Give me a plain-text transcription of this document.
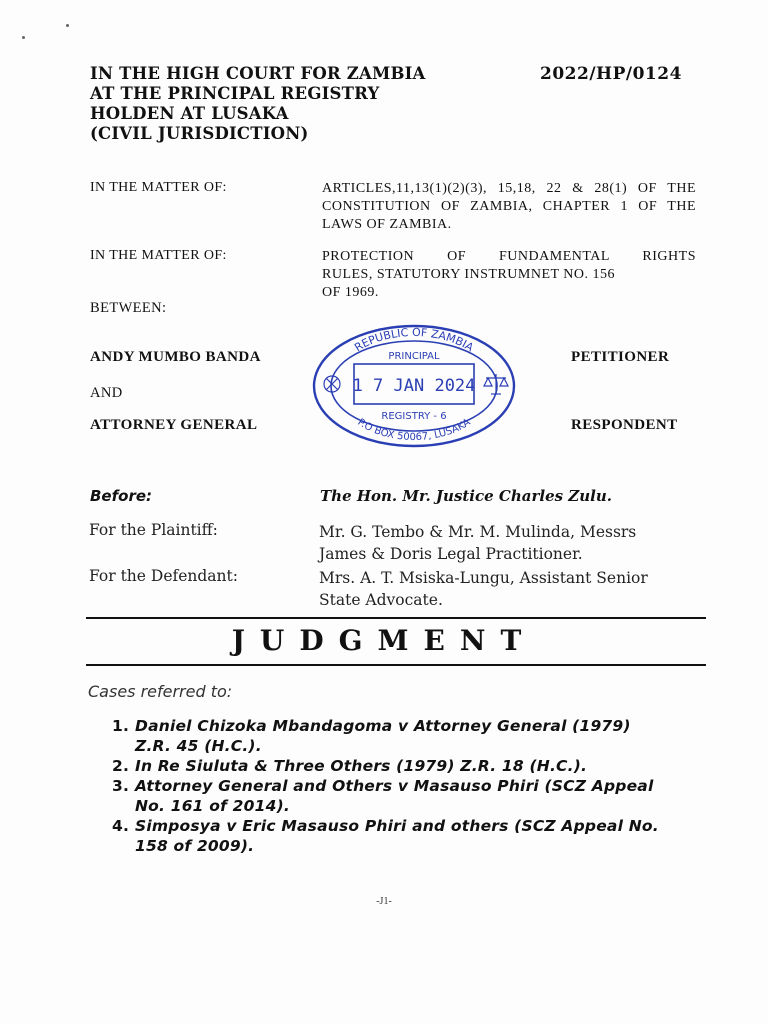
IN THE HIGH COURT FOR ZAMBIA
AT THE PRINCIPAL REGISTRY
HOLDEN AT LUSAKA
(CIVIL JURISDICTION)
2022/HP/0124
IN THE MATTER OF:	ARTICLES,11,13(1)(2)(3), 15,18, 22 & 28(1) OF THE CONSTITUTION OF ZAMBIA, CHAPTER 1 OF THE LAWS OF ZAMBIA.
IN THE MATTER OF:	PROTECTION OF FUNDAMENTAL RIGHTS
RULES, STATUTORY INSTRUMNET NO. 156
OF 1969.
BETWEEN:
ANDY MUMBO BANDA	PETITIONER
AND
ATTORNEY GENERAL	RESPONDENT
REPUBLIC OF ZAMBIA
PRINCIPAL
1 7 JAN 2024
REGISTRY - 6
P.O BOX 50067, LUSAKA
Before:	The Hon. Mr. Justice Charles Zulu.
For the Plaintiff:	Mr. G. Tembo & Mr. M. Mulinda, Messrs
James & Doris Legal Practitioner.
For the Defendant:	Mrs. A. T. Msiska-Lungu, Assistant Senior
State Advocate.
JUDGMENT
Cases referred to:
1. Daniel Chizoka Mbandagoma v Attorney General (1979)
Z.R. 45 (H.C.).
2. In Re Siuluta & Three Others (1979) Z.R. 18 (H.C.).
3. Attorney General and Others v Masauso Phiri (SCZ Appeal
No. 161 of 2014).
4. Simposya v Eric Masauso Phiri and others (SCZ Appeal No.
158 of 2009).
-J1-
